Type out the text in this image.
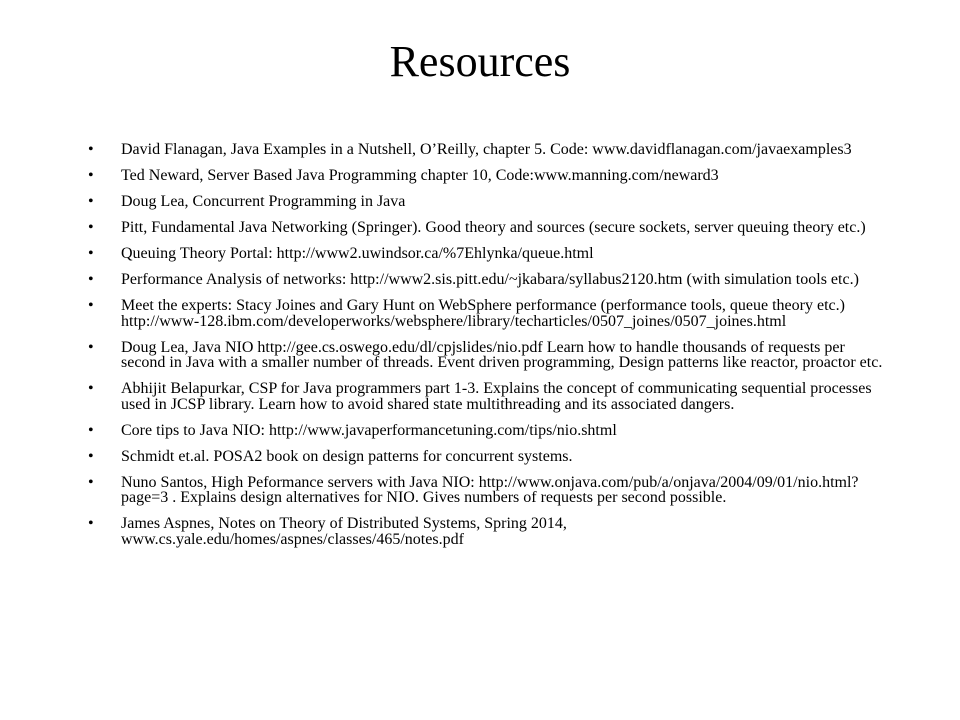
Resources
• David Flanagan, Java Examples in a Nutshell, O’Reilly, chapter 5. Code: www.davidflanagan.com/javaexamples3
• Ted Neward, Server Based Java Programming chapter 10, Code:www.manning.com/neward3
• Doug Lea, Concurrent Programming in Java
• Pitt, Fundamental Java Networking (Springer). Good theory and sources (secure sockets, server queuing theory etc.)
• Queuing Theory Portal: http://www2.uwindsor.ca/%7Ehlynka/queue.html
• Performance Analysis of networks: http://www2.sis.pitt.edu/~jkabara/syllabus2120.htm (with simulation tools etc.)
• Meet the experts: Stacy Joines and Gary Hunt on WebSphere performance (performance tools, queue theory etc.) http://www-128.ibm.com/developerworks/websphere/library/techarticles/0507_joines/0507_joines.html
• Doug Lea, Java NIO http://gee.cs.oswego.edu/dl/cpjslides/nio.pdf Learn how to handle thousands of requests per second in Java with a smaller number of threads. Event driven programming, Design patterns like reactor, proactor etc.
• Abhijit Belapurkar, CSP for Java programmers part 1-3. Explains the concept of communicating sequential processes used in JCSP library. Learn how to avoid shared state multithreading and its associated dangers.
• Core tips to Java NIO: http://www.javaperformancetuning.com/tips/nio.shtml
• Schmidt et.al. POSA2 book on design patterns for concurrent systems.
• Nuno Santos, High Peformance servers with Java NIO: http://www.onjava.com/pub/a/onjava/2004/09/01/nio.html?page=3 . Explains design alternatives for NIO. Gives numbers of requests per second possible.
• James Aspnes, Notes on Theory of Distributed Systems, Spring 2014, www.cs.yale.edu/homes/aspnes/classes/465/notes.pdf
